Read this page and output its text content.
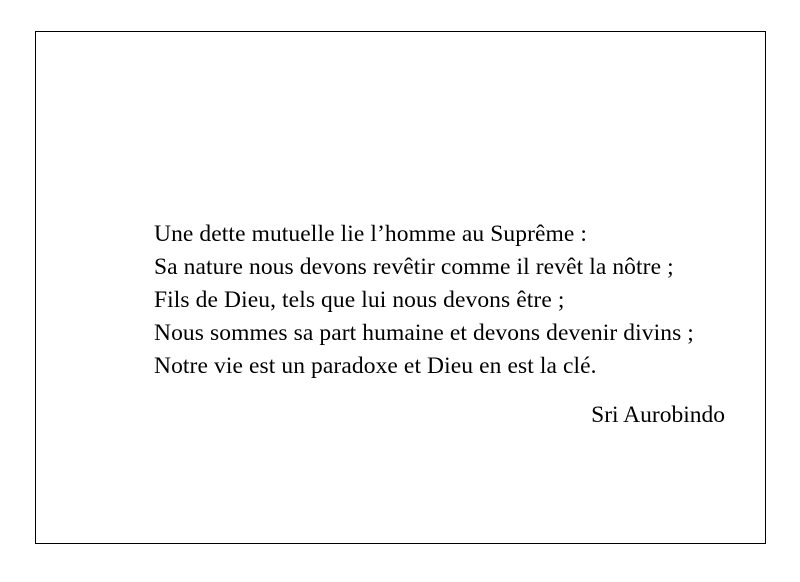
Une dette mutuelle lie l’homme au Suprême :
Sa nature nous devons revêtir comme il revêt la nôtre ;
Fils de Dieu, tels que lui nous devons être ;
Nous sommes sa part humaine et devons devenir divins ;
Notre vie est un paradoxe et Dieu en est la clé.
Sri Aurobindo
